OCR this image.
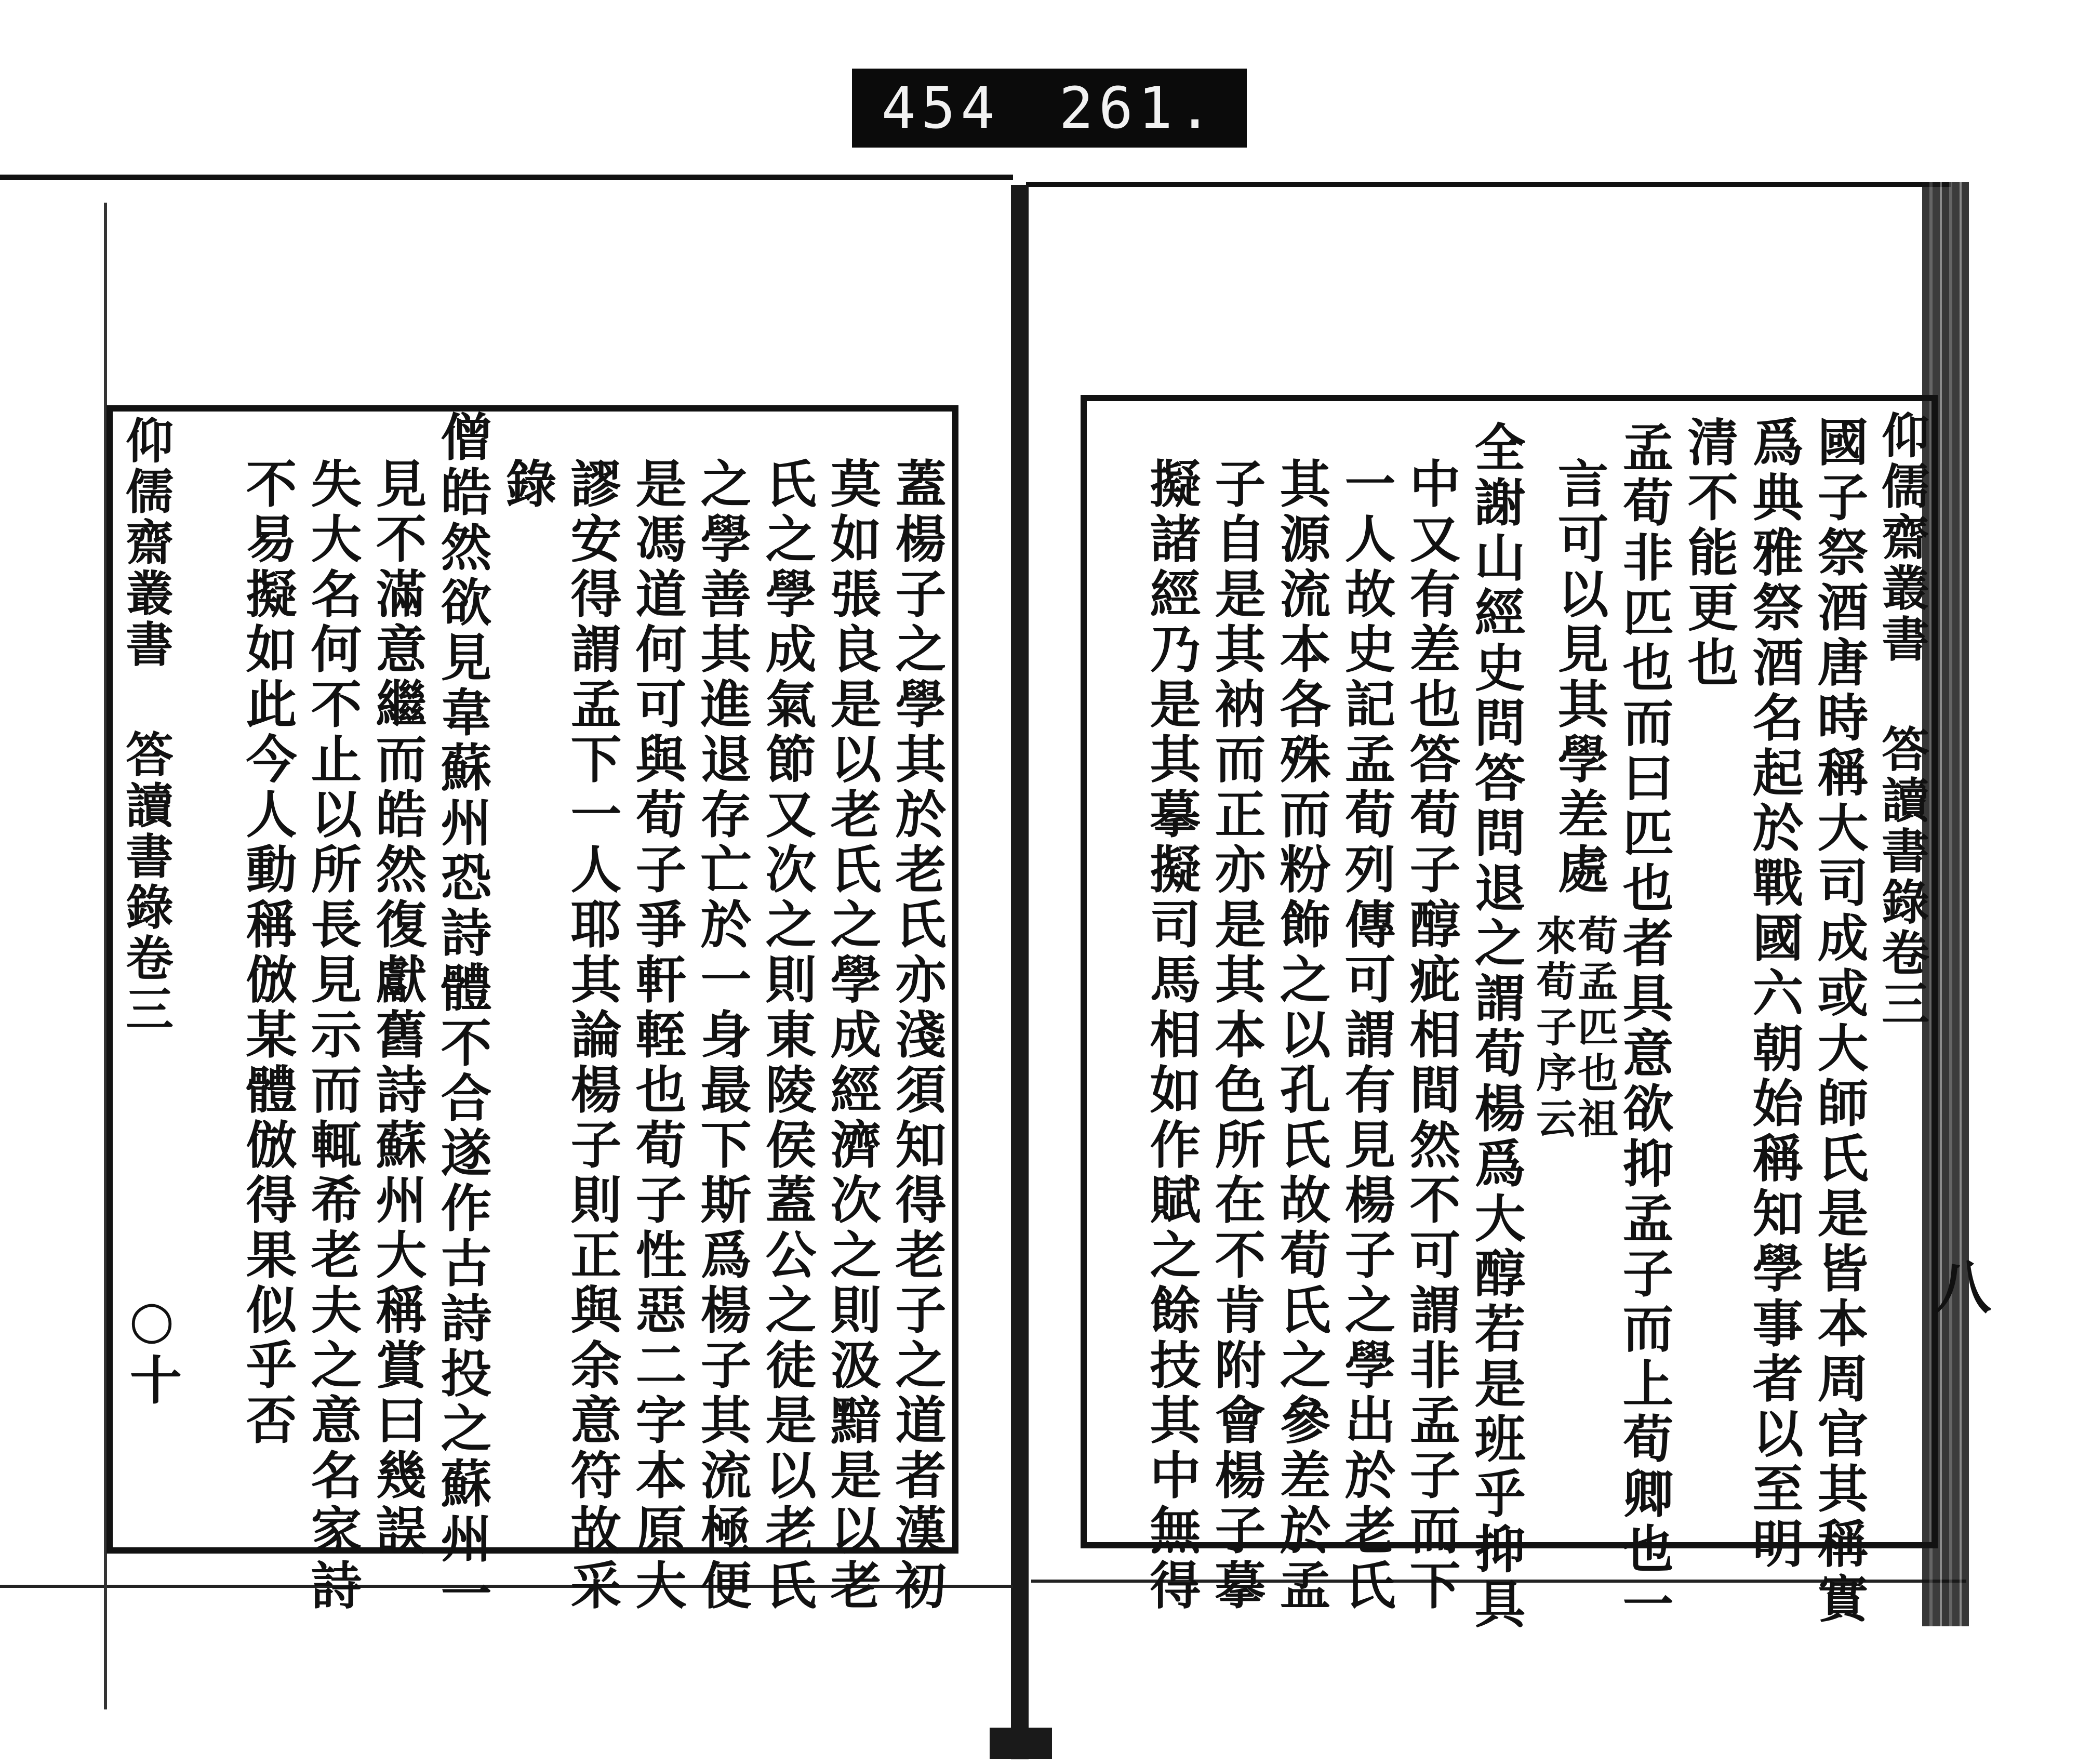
454 261.
仰儒齋叢書 答讀書錄卷三
八
國子祭酒唐時稱大司成或大師氏是皆本周官其稱實
爲典雅祭酒名起於戰國六朝始稱知學事者以至明
清不能更也
孟荀非匹也而曰匹也者具意欲抑孟子而上荀卿也一
言可以見其學差處
荀孟匹也祖
來荀子序云
全謝山經史問答問退之謂荀楊爲大醇若是班乎抑具
中又有差也答荀子醇疵相間然不可謂非孟子而下
一人故史記孟荀列傳可謂有見楊子之學出於老氏
其源流本各殊而粉飾之以孔氏故荀氏之參差於孟
子自是其衲而正亦是其本色所在不肯附會楊子摹
擬諸經乃是其摹擬司馬相如作賦之餘技其中無得
仰儒齋叢書 答讀書錄卷三
○十	蓋楊子之學其於老氏亦淺須知得老子之道者漢初
莫如張良是以老氏之學成經濟次之則汲黯是以老
氏之學成氣節又次之則東陵侯蓋公之徒是以老氏
之學善其進退存亡於一身最下斯爲楊子其流極便
是馮道何可與荀子爭軒輊也荀子性惡二字本原大
謬安得謂孟下一人耶其論楊子則正與余意符故采
錄
僧皓然欲見韋蘇州恐詩體不合遂作古詩投之蘇州一
見不滿意繼而皓然復獻舊詩蘇州大稱賞曰幾誤
失大名何不止以所長見示而輒希老夫之意名家詩
不易擬如此今人動稱倣某體倣得果似乎否
